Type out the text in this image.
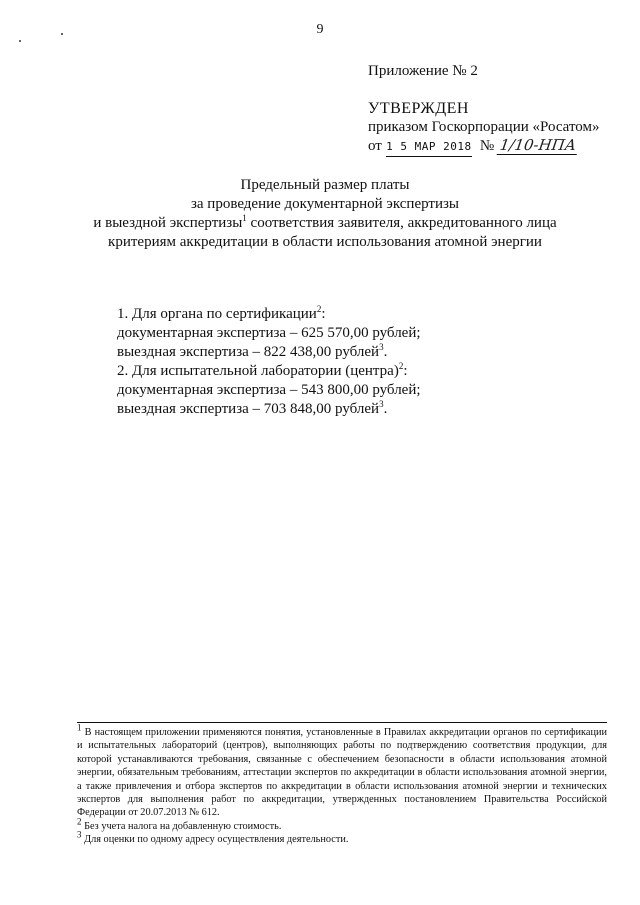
9
Приложение № 2
УТВЕРЖДЕН
приказом Госкорпорации «Росатом»
от 1 5 МАР 2018 № 1/10-НПА
Предельный размер платы
за проведение документарной экспертизы
и выездной экспертизы$^1$ соответствия заявителя, аккредитованного лица
критериям аккредитации в области использования атомной энергии
1. Для органа по сертификации$^2$:
документарная экспертиза – 625 570,00 рублей;
выездная экспертиза – 822 438,00 рублей$^3$.
2. Для испытательной лаборатории (центра)$^2$:
документарная экспертиза – 543 800,00 рублей;
выездная экспертиза – 703 848,00 рублей$^3$.
$^1$ В настоящем приложении применяются понятия, установленные в Правилах аккредитации органов по сертификации и испытательных лабораторий (центров), выполняющих работы по подтверждению соответствия продукции, для которой устанавливаются требования, связанные с обеспечением безопасности в области использования атомной энергии, обязательным требованиям, аттестации экспертов по аккредитации в области использования атомной энергии, а также привлечения и отбора экспертов по аккредитации в области использования атомной энергии и технических экспертов для выполнения работ по аккредитации, утвержденных постановлением Правительства Российской Федерации от 20.07.2013 № 612.
$^2$ Без учета налога на добавленную стоимость.
$^3$ Для оценки по одному адресу осуществления деятельности.
